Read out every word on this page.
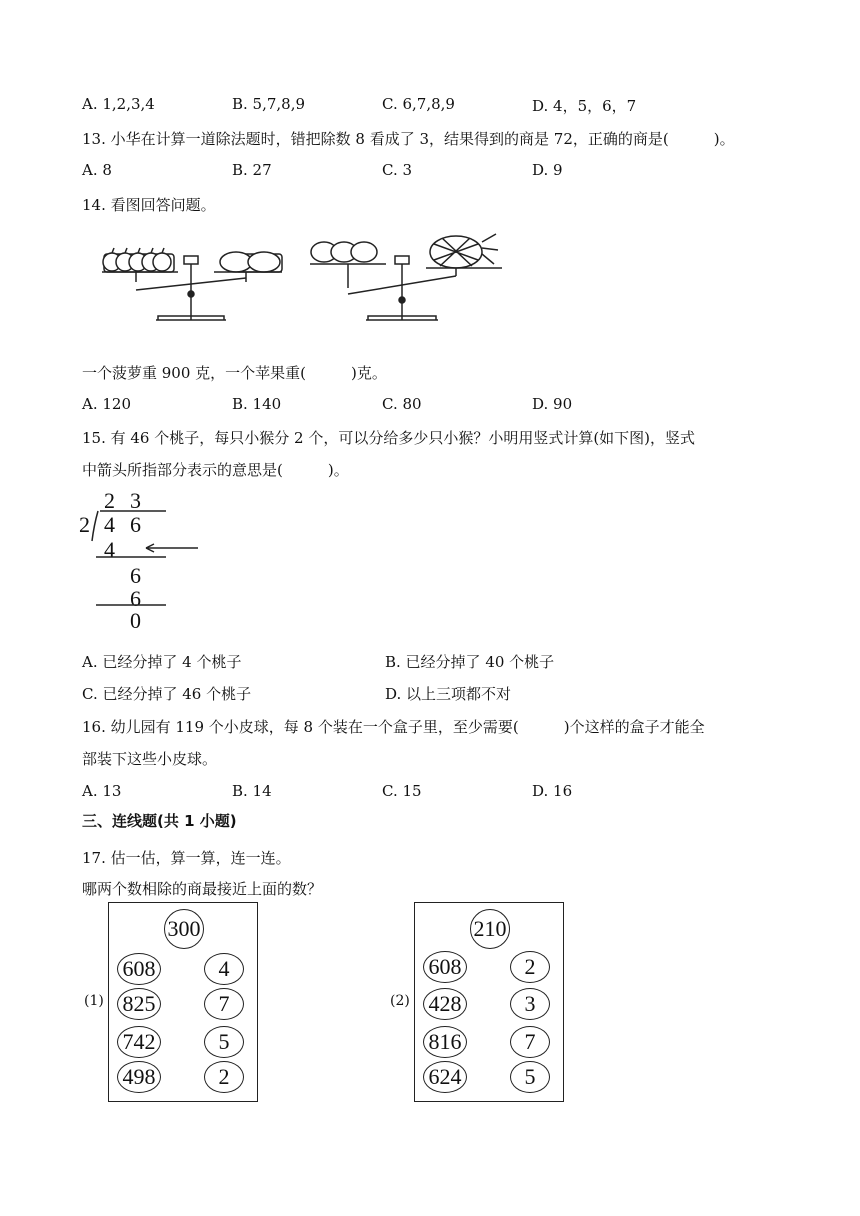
A. 1,2,3,4	B. 5,7,8,9	C. 6,7,8,9	D. 4，5，6，7
13. 小华在计算一道除法题时，错把除数 8 看成了 3，结果得到的商是 72，正确的商是(　　　)。
A. 8	B. 27	C. 3	D. 9
14. 看图回答问题。
一个菠萝重 900 克，一个苹果重(　　　)克。
A. 120	B. 140	C. 80	D. 90
15. 有 46 个桃子，每只小猴分 2 个，可以分给多少只小猴？小明用竖式计算(如下图)，竖式
中箭头所指部分表示的意思是(　　　)。
2 3
2 4 6
4
6
6
0
A. 已经分掉了 4 个桃子	B. 已经分掉了 40 个桃子
C. 已经分掉了 46 个桃子	D. 以上三项都不对
16. 幼儿园有 119 个小皮球，每 8 个装在一个盒子里，至少需要(　　　)个这样的盒子才能全
部装下这些小皮球。
A. 13	B. 14	C. 15	D. 16
三、连线题(共 1 小题)
17. 估一估，算一算，连一连。
哪两个数相除的商最接近上面的数？
(1)
300
608	4
825	7
742	5
498	2
(2)
210
608	2
428	3
816	7
624	5
